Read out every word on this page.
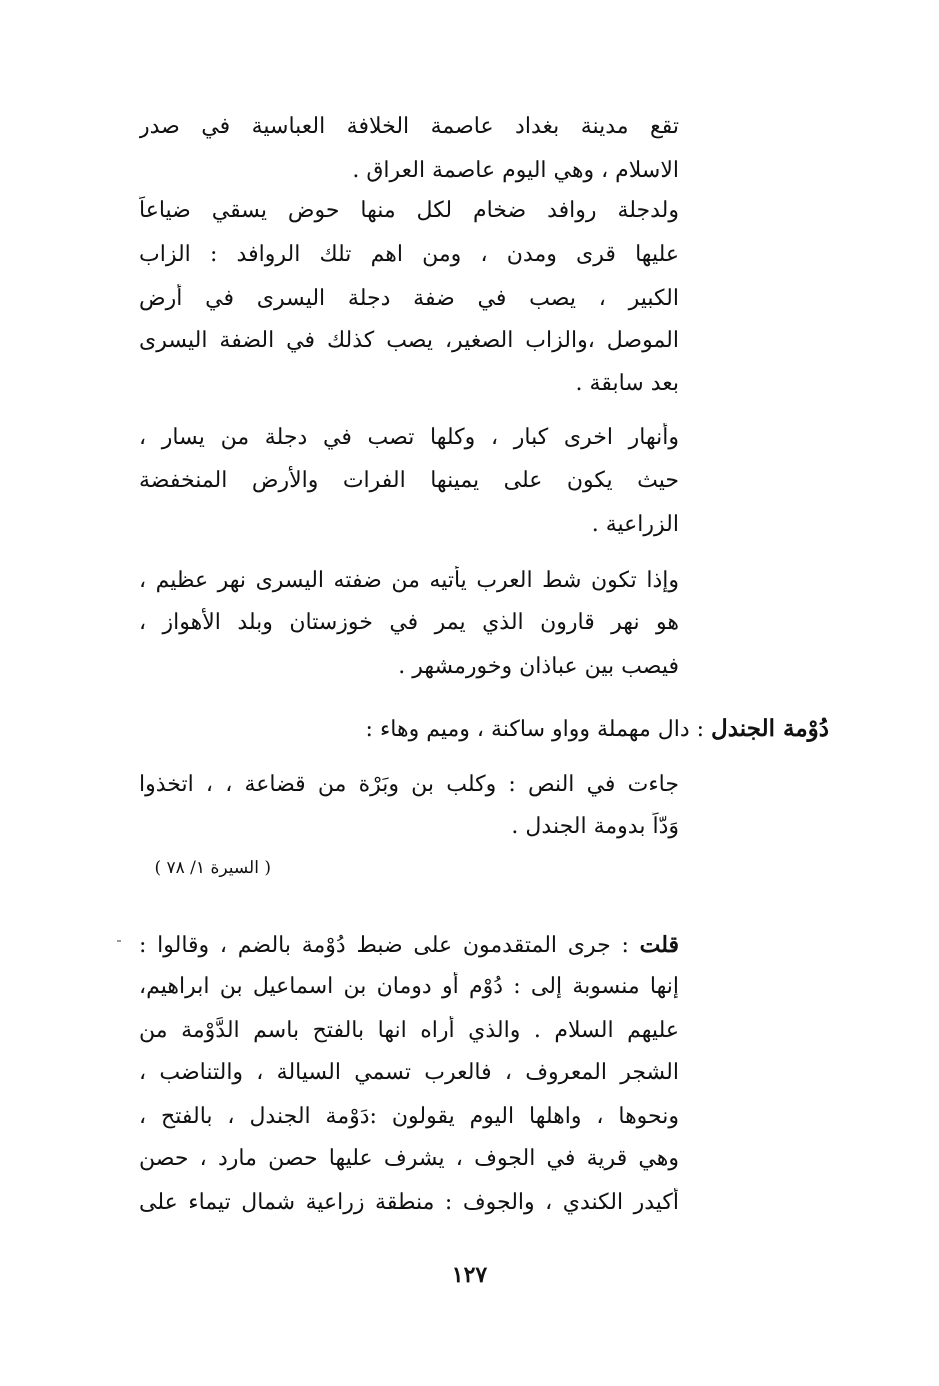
تقع مدينة بغداد عاصمة الخلافة العباسية في صدر
الاسلام ، وهي اليوم عاصمة العراق .
ولدجلة روافد ضخام لكل منها حوض يسقي ضياعاً
عليها قرى ومدن ، ومن اهم تلك الروافد : الزاب
الكبير ، يصب في ضفة دجلة اليسرى في أرض
الموصل ،والزاب الصغير، يصب كذلك في الضفة اليسرى
بعد سابقة .
وأنهار اخرى كبار ، وكلها تصب في دجلة من يسار ،
حيث يكون على يمينها الفرات والأرض المنخفضة
الزراعية .
وإذا تكون شط العرب يأتيه من ضفته اليسرى نهر عظيم ،
هو نهر قارون الذي يمر في خوزستان وبلد الأهواز ،
فيصب بين عباذان وخورمشهر .
دُوْمة الجندل : دال مهملة وواو ساكنة ، وميم وهاء :
جاءت في النص : وكلب بن وبَرْة من قضاعة ، ، اتخذوا
وَدّاً بدومة الجندل .
( السيرة ١/ ٧٨ )
قلت : جرى المتقدمون على ضبط دُوْمة بالضم ، وقالوا :
إنها منسوبة إلى : دُوْم أو دومان بن اسماعيل بن ابراهيم،
عليهم السلام . والذي أراه انها بالفتح باسم الدَّوْمة من
الشجر المعروف ، فالعرب تسمي السيالة ، والتناضب ،
ونحوها ، واهلها اليوم يقولون :دَوْمة الجندل ، بالفتح ،
وهي قرية في الجوف ، يشرف عليها حصن مارد ، حصن
أكيدر الكندي ، والجوف : منطقة زراعية شمال تيماء على
١٢٧
